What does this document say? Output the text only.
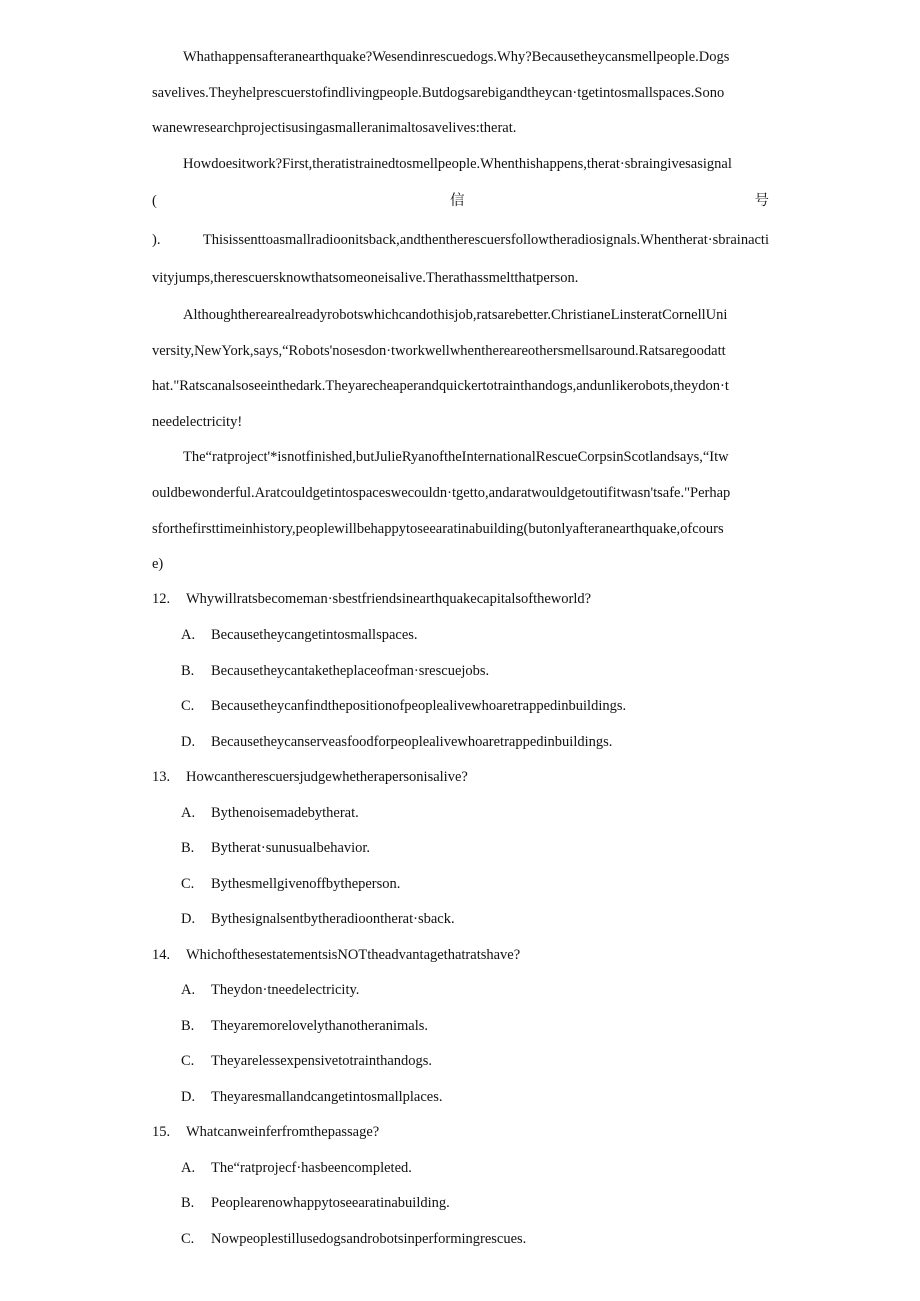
Whathappensafteranearthquake?Wesendinrescuedogs.Why?Becausetheycansmellpeople.Dogs
savelives.Theyhelprescuerstofindlivingpeople.Butdogsarebigandtheycan·tgetintosmallspaces.Sono
wanewresearchprojectisusingasmalleranimaltosavelives:therat.
Howdoesitwork?First,theratistrainedtosmellpeople.Whenthishappens,therat·sbraingivesasignal
(	信	号
). Thisissenttoasmallradioonitsback,andthentherescuersfollowtheradiosignals.Whentherat·sbrainacti
vityjumps,therescuersknowthatsomeoneisalive.Therathassmeltthatperson.
Althoughtherearealreadyrobotswhichcandothisjob,ratsarebetter.ChristianeLinsteratCornellUni
versity,NewYork,says,“Robots'nosesdon·tworkwellwhenthereareothersmellsaround.Ratsaregoodatt
hat."Ratscanalsoseeinthedark.Theyarecheaperandquickertotrainthandogs,andunlikerobots,theydon·t
needelectricity!
The“ratproject'*isnotfinished,butJulieRyanoftheInternationalRescueCorpsinScotlandsays,“Itw
ouldbewonderful.Aratcouldgetintospaceswecouldn·tgetto,andaratwouldgetoutifitwasn'tsafe."Perhap
sforthefirsttimeinhistory,peoplewillbehappytoseearatinabuilding(butonlyafteranearthquake,ofcours
e)
12. Whywillratsbecomeman·sbestfriendsinearthquakecapitalsoftheworld?
A. Becausetheycangetintosmallspaces.
B. Becausetheycantaketheplaceofman·srescuejobs.
C. Becausetheycanfindthepositionofpeoplealivewhoaretrappedinbuildings.
D. Becausetheycanserveasfoodforpeoplealivewhoaretrappedinbuildings.
13. Howcantherescuersjudgewhetherapersonisalive?
A. Bythenoisemadebytherat.
B. Bytherat·sunusualbehavior.
C. Bythesmellgivenoffbytheperson.
D. Bythesignalsentbytheradioontherat·sback.
14. WhichofthesestatementsisNOTtheadvantagethatratshave?
A. Theydon·tneedelectricity.
B. Theyaremorelovelythanotheranimals.
C. Theyarelessexpensivetotrainthandogs.
D. Theyaresmallandcangetintosmallplaces.
15. Whatcanweinferfromthepassage?
A. The“ratprojecf·hasbeencompleted.
B. Peoplearenowhappytoseearatinabuilding.
C. Nowpeoplestillusedogsandrobotsinperformingrescues.
